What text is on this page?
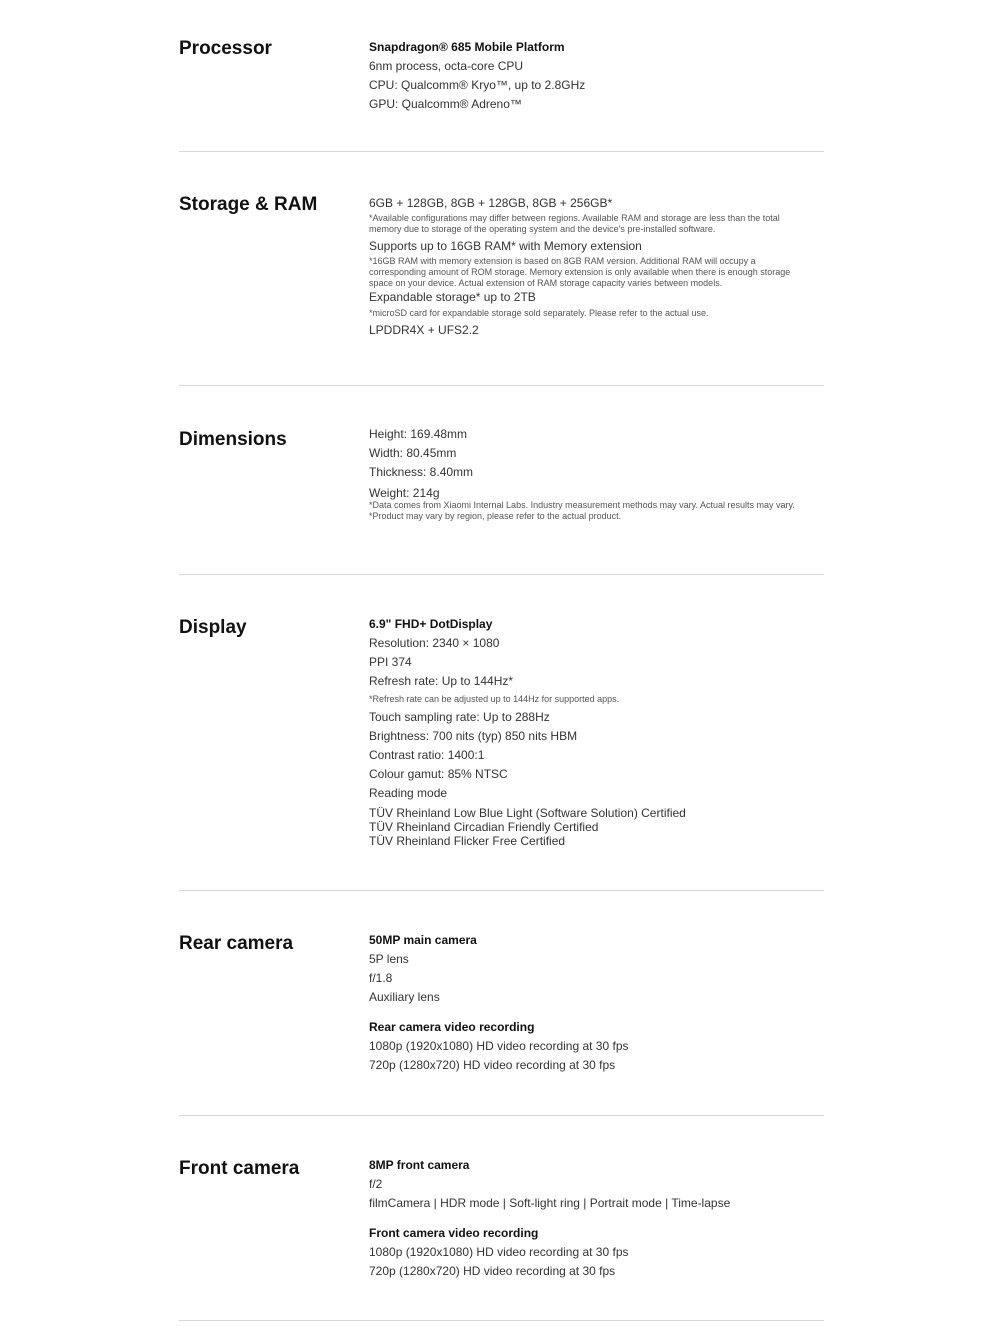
Processor	Snapdragon® 685 Mobile Platform
6nm process, octa-core CPU
CPU: Qualcomm® Kryo™, up to 2.8GHz
GPU: Qualcomm® Adreno™
Storage & RAM	6GB + 128GB, 8GB + 128GB, 8GB + 256GB*
*Available configurations may differ between regions. Available RAM and storage are less than the total memory due to storage of the operating system and the device's pre-installed software.
Supports up to 16GB RAM* with Memory extension
*16GB RAM with memory extension is based on 8GB RAM version. Additional RAM will occupy a corresponding amount of ROM storage. Memory extension is only available when there is enough storage space on your device. Actual extension of RAM storage capacity varies between models.
Expandable storage* up to 2TB
*microSD card for expandable storage sold separately. Please refer to the actual use.
LPDDR4X + UFS2.2
Dimensions	Height: 169.48mm
Width: 80.45mm
Thickness: 8.40mm
Weight: 214g
*Data comes from Xiaomi Internal Labs. Industry measurement methods may vary. Actual results may vary.
*Product may vary by region, please refer to the actual product.
Display	6.9" FHD+ DotDisplay
Resolution: 2340 × 1080
PPI 374
Refresh rate: Up to 144Hz*
*Refresh rate can be adjusted up to 144Hz for supported apps.
Touch sampling rate: Up to 288Hz
Brightness: 700 nits (typ) 850 nits HBM
Contrast ratio: 1400:1
Colour gamut: 85% NTSC
Reading mode
TÜV Rheinland Low Blue Light (Software Solution) Certified
TÜV Rheinland Circadian Friendly Certified
TÜV Rheinland Flicker Free Certified
Rear camera	50MP main camera
5P lens
f/1.8
Auxiliary lens
Rear camera video recording
1080p (1920x1080) HD video recording at 30 fps
720p (1280x720) HD video recording at 30 fps
Front camera	8MP front camera
f/2
filmCamera | HDR mode | Soft-light ring | Portrait mode | Time-lapse
Front camera video recording
1080p (1920x1080) HD video recording at 30 fps
720p (1280x720) HD video recording at 30 fps
